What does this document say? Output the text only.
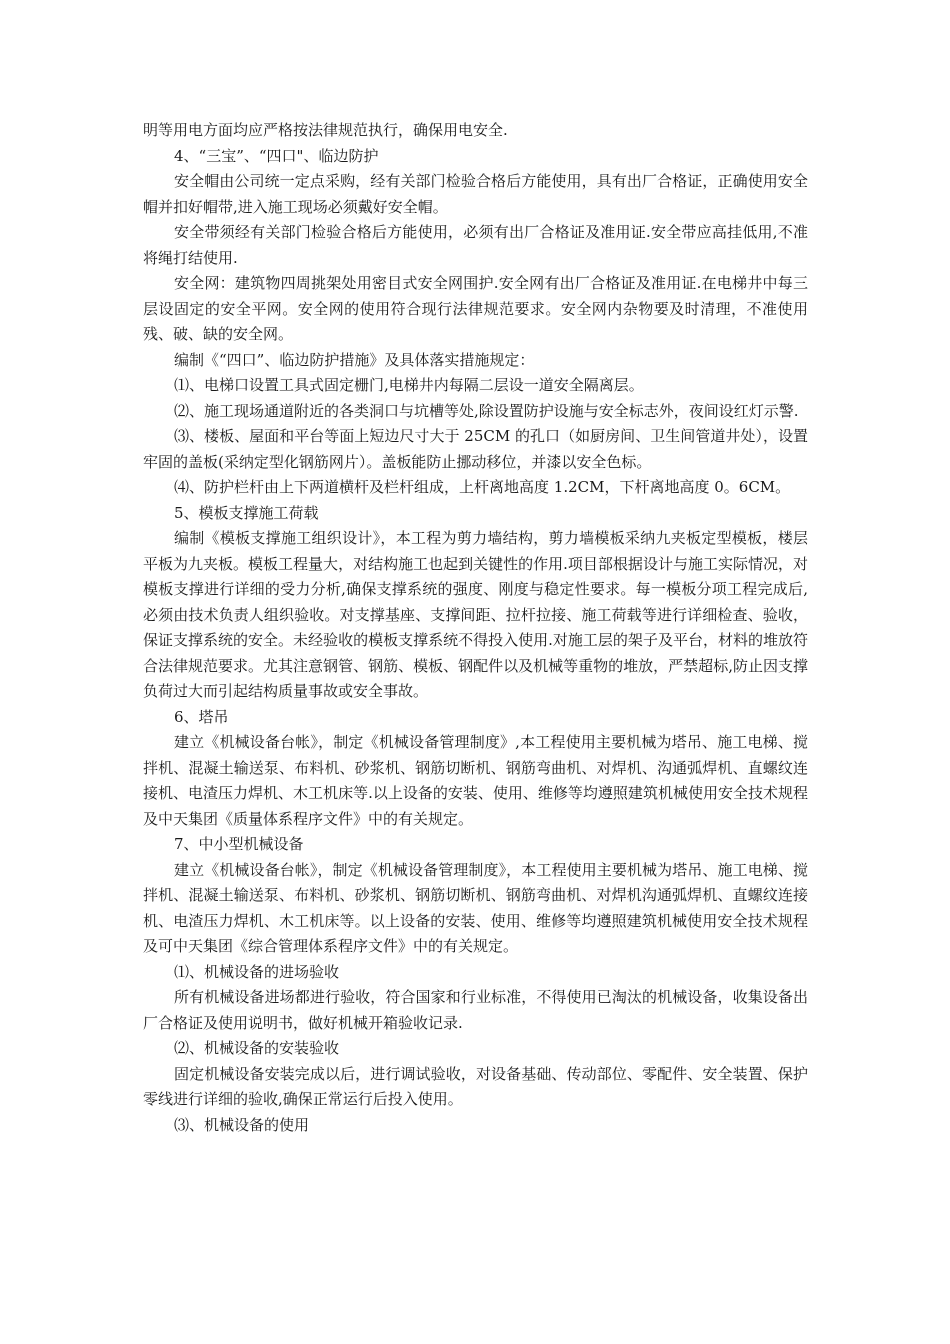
明等用电方面均应严格按法律规范执行，确保用电安全.

4、“三宝”、“四口"、临边防护

安全帽由公司统一定点采购，经有关部门检验合格后方能使用，具有出厂合格证，正确使用安全帽并扣好帽带,进入施工现场必须戴好安全帽。

安全带须经有关部门检验合格后方能使用，必须有出厂合格证及准用证.安全带应高挂低用,不准将绳打结使用.

安全网：建筑物四周挑架处用密目式安全网围护.安全网有出厂合格证及准用证.在电梯井中每三层设固定的安全平网。安全网的使用符合现行法律规范要求。安全网内杂物要及时清理，不准使用残、破、缺的安全网。

编制《“四口”、临边防护措施》及具体落实措施规定：

⑴、电梯口设置工具式固定栅门,电梯井内每隔二层设一道安全隔离层。

⑵、施工现场通道附近的各类洞口与坑槽等处,除设置防护设施与安全标志外，夜间设红灯示警.

⑶、楼板、屋面和平台等面上短边尺寸大于 25CM 的孔口（如厨房间、卫生间管道井处），设置牢固的盖板(采纳定型化钢筋网片）。盖板能防止挪动移位，并漆以安全色标。

⑷、防护栏杆由上下两道横杆及栏杆组成，上杆离地高度 1.2CM，下杆离地高度 0。6CM。

5、模板支撑施工荷载

编制《模板支撑施工组织设计》，本工程为剪力墙结构，剪力墙模板采纳九夹板定型模板，楼层平板为九夹板。模板工程量大，对结构施工也起到关键性的作用.项目部根据设计与施工实际情况，对模板支撑进行详细的受力分析,确保支撑系统的强度、刚度与稳定性要求。每一模板分项工程完成后,必须由技术负责人组织验收。对支撑基座、支撑间距、拉杆拉接、施工荷载等进行详细检查、验收，保证支撑系统的安全。未经验收的模板支撑系统不得投入使用.对施工层的架子及平台，材料的堆放符合法律规范要求。尤其注意钢管、钢筋、模板、钢配件以及机械等重物的堆放，严禁超标,防止因支撑负荷过大而引起结构质量事故或安全事故。

6、塔吊

建立《机械设备台帐》，制定《机械设备管理制度》,本工程使用主要机械为塔吊、施工电梯、搅拌机、混凝土输送泵、布料机、砂浆机、钢筋切断机、钢筋弯曲机、对焊机、沟通弧焊机、直螺纹连接机、电渣压力焊机、木工机床等.以上设备的安装、使用、维修等均遵照建筑机械使用安全技术规程及中天集团《质量体系程序文件》中的有关规定。

7、中小型机械设备

建立《机械设备台帐》，制定《机械设备管理制度》，本工程使用主要机械为塔吊、施工电梯、搅拌机、混凝土输送泵、布料机、砂浆机、钢筋切断机、钢筋弯曲机、对焊机沟通弧焊机、直螺纹连接机、电渣压力焊机、木工机床等。以上设备的安装、使用、维修等均遵照建筑机械使用安全技术规程及可中天集团《综合管理体系程序文件》中的有关规定。

⑴、机械设备的进场验收

所有机械设备进场都进行验收，符合国家和行业标准，不得使用已淘汰的机械设备，收集设备出厂合格证及使用说明书，做好机械开箱验收记录.

⑵、机械设备的安装验收

固定机械设备安装完成以后，进行调试验收，对设备基础、传动部位、零配件、安全装置、保护零线进行详细的验收,确保正常运行后投入使用。

⑶、机械设备的使用
